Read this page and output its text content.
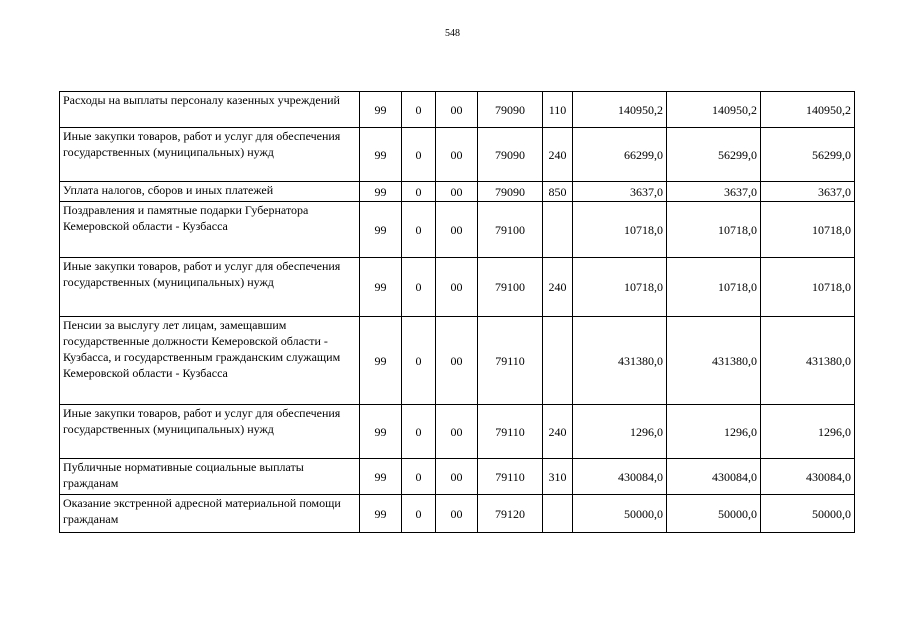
548
Расходы на выплаты персоналу казенных учреждений	99	0	00	79090	110	140950,2	140950,2	140950,2
Иные закупки товаров, работ и услуг для обеспечения государственных (муниципальных) нужд	99	0	00	79090	240	66299,0	56299,0	56299,0
Уплата налогов, сборов и иных платежей	99	0	00	79090	850	3637,0	3637,0	3637,0
Поздравления и памятные подарки Губернатора Кемеровской области - Кузбасса	99	0	00	79100		10718,0	10718,0	10718,0
Иные закупки товаров, работ и услуг для обеспечения государственных (муниципальных) нужд	99	0	00	79100	240	10718,0	10718,0	10718,0
Пенсии за выслугу лет лицам, замещавшим государственные должности Кемеровской области - Кузбасса, и государственным гражданским служащим Кемеровской области - Кузбасса	99	0	00	79110		431380,0	431380,0	431380,0
Иные закупки товаров, работ и услуг для обеспечения государственных (муниципальных) нужд	99	0	00	79110	240	1296,0	1296,0	1296,0
Публичные нормативные социальные выплаты гражданам	99	0	00	79110	310	430084,0	430084,0	430084,0
Оказание экстренной адресной материальной помощи гражданам	99	0	00	79120		50000,0	50000,0	50000,0
